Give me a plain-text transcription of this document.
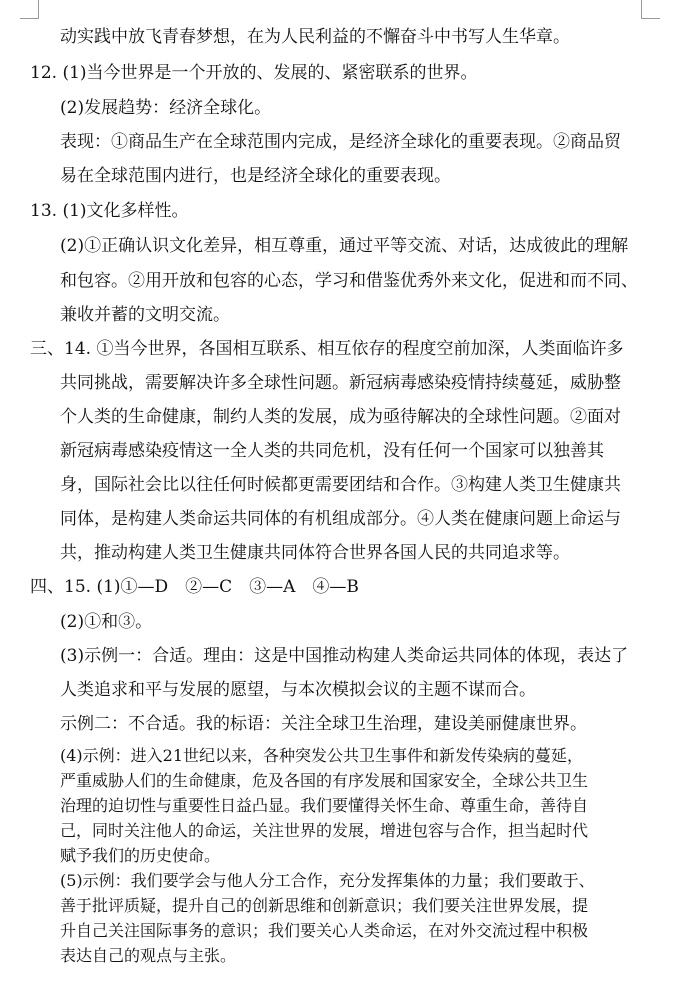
动实践中放飞青春梦想，在为人民利益的不懈奋斗中书写人生华章。
12. (1)当今世界是一个开放的、发展的、紧密联系的世界。
(2)发展趋势：经济全球化。
表现：①商品生产在全球范围内完成，是经济全球化的重要表现。②商品贸
易在全球范围内进行，也是经济全球化的重要表现。
13. (1)文化多样性。
(2)①正确认识文化差异，相互尊重，通过平等交流、对话，达成彼此的理解
和包容。②用开放和包容的心态，学习和借鉴优秀外来文化，促进和而不同、
兼收并蓄的文明交流。
三、14. ①当今世界，各国相互联系、相互依存的程度空前加深，人类面临许多
共同挑战，需要解决许多全球性问题。新冠病毒感染疫情持续蔓延，威胁整
个人类的生命健康，制约人类的发展，成为亟待解决的全球性问题。②面对
新冠病毒感染疫情这一全人类的共同危机，没有任何一个国家可以独善其
身，国际社会比以往任何时候都更需要团结和合作。③构建人类卫生健康共
同体，是构建人类命运共同体的有机组成部分。④人类在健康问题上命运与
共，推动构建人类卫生健康共同体符合世界各国人民的共同追求等。
四、15. (1)①—D　②—C　③—A　④—B
(2)①和③。
(3)示例一：合适。理由：这是中国推动构建人类命运共同体的体现，表达了
人类追求和平与发展的愿望，与本次模拟会议的主题不谋而合。
示例二：不合适。我的标语：关注全球卫生治理，建设美丽健康世界。
(4)示例：进入21世纪以来，各种突发公共卫生事件和新发传染病的蔓延，
严重威胁人们的生命健康，危及各国的有序发展和国家安全，全球公共卫生
治理的迫切性与重要性日益凸显。我们要懂得关怀生命、尊重生命，善待自
己，同时关注他人的命运，关注世界的发展，增进包容与合作，担当起时代
赋予我们的历史使命。
(5)示例：我们要学会与他人分工合作，充分发挥集体的力量；我们要敢于、
善于批评质疑，提升自己的创新思维和创新意识；我们要关注世界发展，提
升自己关注国际事务的意识；我们要关心人类命运，在对外交流过程中积极
表达自己的观点与主张。
